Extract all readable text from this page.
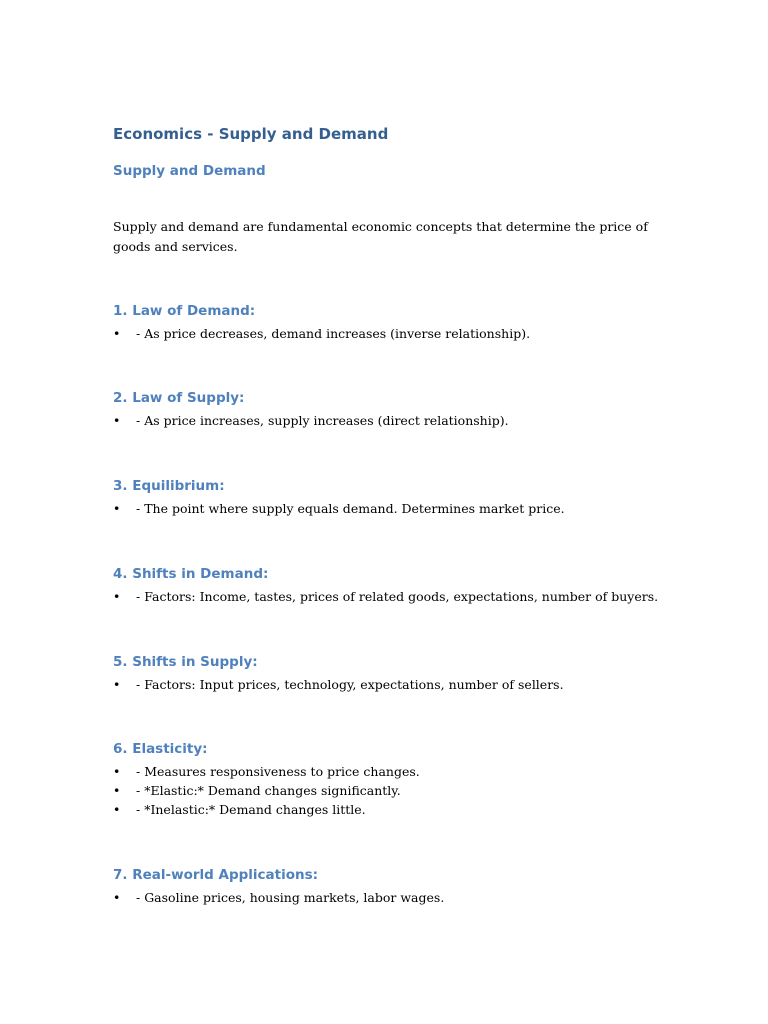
Economics - Supply and Demand
Supply and Demand
Supply and demand are fundamental economic concepts that determine the price of goods and services.
1. Law of Demand:
• - As price decreases, demand increases (inverse relationship).
2. Law of Supply:
• - As price increases, supply increases (direct relationship).
3. Equilibrium:
• - The point where supply equals demand. Determines market price.
4. Shifts in Demand:
• - Factors: Income, tastes, prices of related goods, expectations, number of buyers.
5. Shifts in Supply:
• - Factors: Input prices, technology, expectations, number of sellers.
6. Elasticity:
• - Measures responsiveness to price changes.
• - *Elastic:* Demand changes significantly.
• - *Inelastic:* Demand changes little.
7. Real-world Applications:
• - Gasoline prices, housing markets, labor wages.
